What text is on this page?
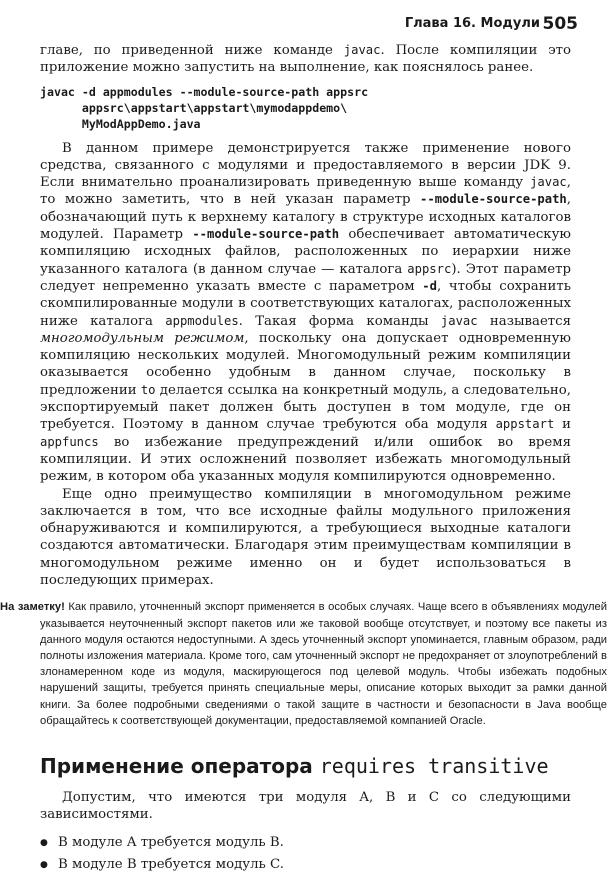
Глава 16. Модули 505

главе, по приведенной ниже команде javac. После компиляции это приложение можно запустить на выполнение, как пояснялось ранее.

javac -d appmodules --module-source-path appsrc
appsrc\appstart\appstart\mymodappdemo\
MyModAppDemo.java

В данном примере демонстрируется также применение нового средства, связанного с модулями и предоставляемого в версии JDK 9. Если внимательно проанализировать приведенную выше команду javac, то можно заметить, что в ней указан параметр --module-source-path, обозначающий путь к верхнему каталогу в структуре исходных каталогов модулей. Параметр --module-source-path обеспечивает автоматическую компиляцию исходных файлов, расположенных по иерархии ниже указанного каталога (в данном случае — каталога appsrc). Этот параметр следует непременно указать вместе с параметром -d, чтобы сохранить скомпилированные модули в соответствующих каталогах, расположенных ниже каталога appmodules. Такая форма команды javac называется многомодульным режимом, поскольку она допускает одновременную компиляцию нескольких модулей. Многомодульный режим компиляции оказывается особенно удобным в данном случае, поскольку в предложении to делается ссылка на конкретный модуль, а следовательно, экспортируемый пакет должен быть доступен в том модуле, где он требуется. Поэтому в данном случае требуются оба модуля appstart и appfuncs во избежание предупреждений и/или ошибок во время компиляции. И этих осложнений позволяет избежать многомодульный режим, в котором оба указанных модуля компилируются одновременно.

Еще одно преимущество компиляции в многомодульном режиме заключается в том, что все исходные файлы модульного приложения обнаруживаются и компилируются, а требующиеся выходные каталоги создаются автоматически. Благодаря этим преимуществам компиляции в многомодульном режиме именно он и будет использоваться в последующих примерах.

На заметку! Как правило, уточненный экспорт применяется в особых случаях. Чаще всего в объявлениях модулей указывается неуточненный экспорт пакетов или же таковой вообще отсутствует, и поэтому все пакеты из данного модуля остаются недоступными. А здесь уточненный экспорт упоминается, главным образом, ради полноты изложения материала. Кроме того, сам уточненный экспорт не предохраняет от злоупотреблений в злонамеренном коде из модуля, маскирующегося под целевой модуль. Чтобы избежать подобных нарушений защиты, требуется принять специальные меры, описание которых выходит за рамки данной книги. За более подробными сведениями о такой защите в частности и безопасности в Java вообще обращайтесь к соответствующей документации, предоставляемой компанией Oracle.
Применение оператора requires transitive

Допустим, что имеются три модуля A, B и C со следующими зависимостями.

● В модуле A требуется модуль B.
● В модуле B требуется модуль C.
